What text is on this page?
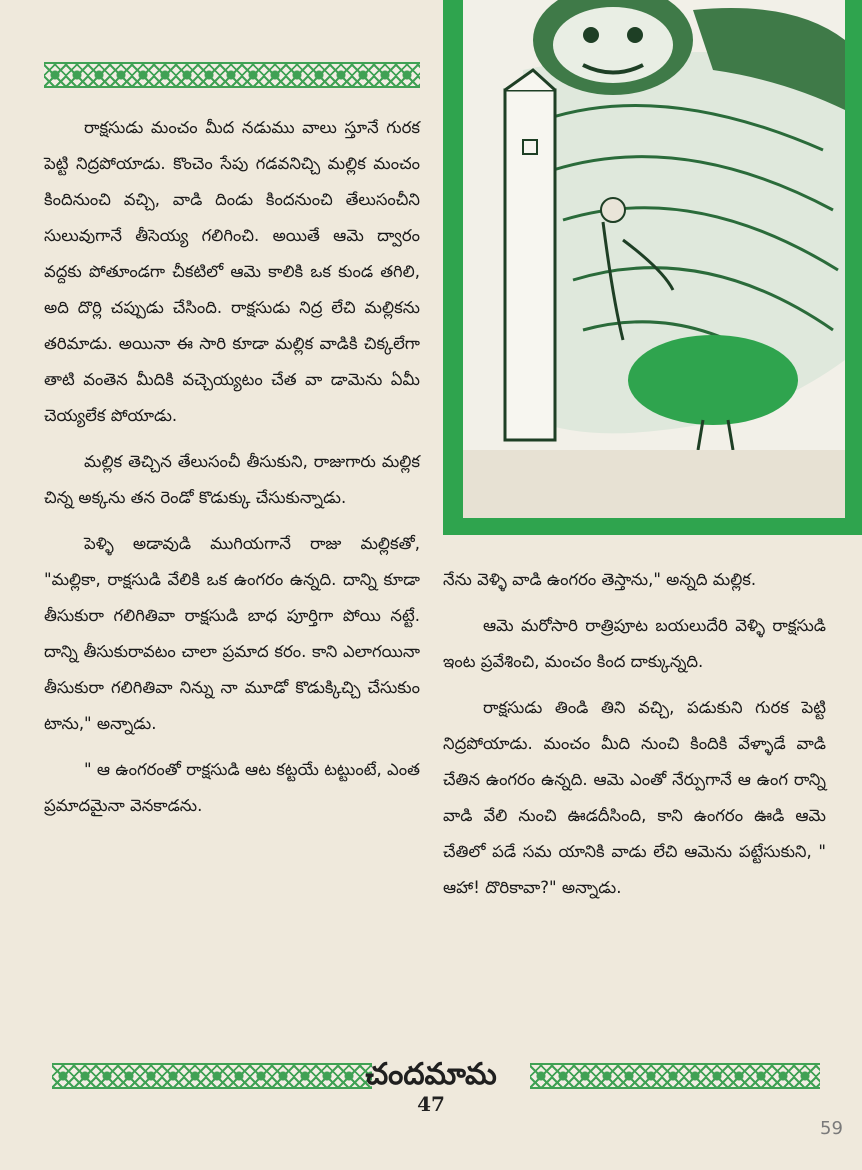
రాక్షసుడు మంచం మీద నడుము వాలు స్తూనే గురక పెట్టి నిద్రపోయాడు. కొంచెం సేపు గడవనిచ్చి మల్లిక మంచం కిందినుంచి వచ్చి, వాడి దిండు కిందనుంచి తేలుసంచీని సులువుగానే తీసెయ్య గలిగించి. అయితే ఆమె ద్వారం వద్దకు పోతూండగా చీకటిలో ఆమె కాలికి ఒక కుండ తగిలి, అది దొర్లి చప్పుడు చేసింది. రాక్షసుడు నిద్ర లేచి మల్లికను తరిమాడు. అయినా ఈ సారి కూడా మల్లిక వాడికి చిక్కలేగా తాటి వంతెన మీదికి వచ్చెయ్యటం చేత వా డామెను ఏమీ చెయ్యలేక పోయాడు.

మల్లిక తెచ్చిన తేలుసంచీ తీసుకుని, రాజుగారు మల్లిక చిన్న అక్కను తన రెండో కొడుక్కు చేసుకున్నాడు.

పెళ్ళి అడావుడి ముగియగానే రాజు మల్లికతో, "మల్లికా, రాక్షసుడి వేలికి ఒక ఉంగరం ఉన్నది. దాన్ని కూడా తీసుకురా గలిగితివా రాక్షసుడి బాధ పూర్తిగా పోయి నట్టే. దాన్ని తీసుకురావటం చాలా ప్రమాద కరం. కాని ఎలాగయినా తీసుకురా గలిగితివా నిన్ను నా మూడో కొడుక్కిచ్చి చేసుకుం టాను," అన్నాడు.

" ఆ ఉంగరంతో రాక్షసుడి ఆట కట్టయే టట్టుంటే, ఎంత ప్రమాదమైనా వెనకాడను.

నేను వెళ్ళి వాడి ఉంగరం తెస్తాను," అన్నది మల్లిక.

ఆమె మరోసారి రాత్రిపూట బయలుదేరి వెళ్ళి రాక్షసుడి ఇంట ప్రవేశించి, మంచం కింద దాక్కున్నది.

రాక్షసుడు తిండి తిని వచ్చి, పడుకుని గురక పెట్టి నిద్రపోయాడు. మంచం మీది నుంచి కిందికి వేళ్ళాడే వాడి చేతిన ఉంగరం ఉన్నది. ఆమె ఎంతో నేర్పుగానే ఆ ఉంగ రాన్ని వాడి వేలి నుంచి ఊడదీసింది, కాని ఉంగరం ఊడి ఆమె చేతిలో పడే సమ యానికి వాడు లేచి ఆమెను పట్టేసుకుని, " ఆహా! దొరికావా?" అన్నాడు.

చందమామ
47
59
